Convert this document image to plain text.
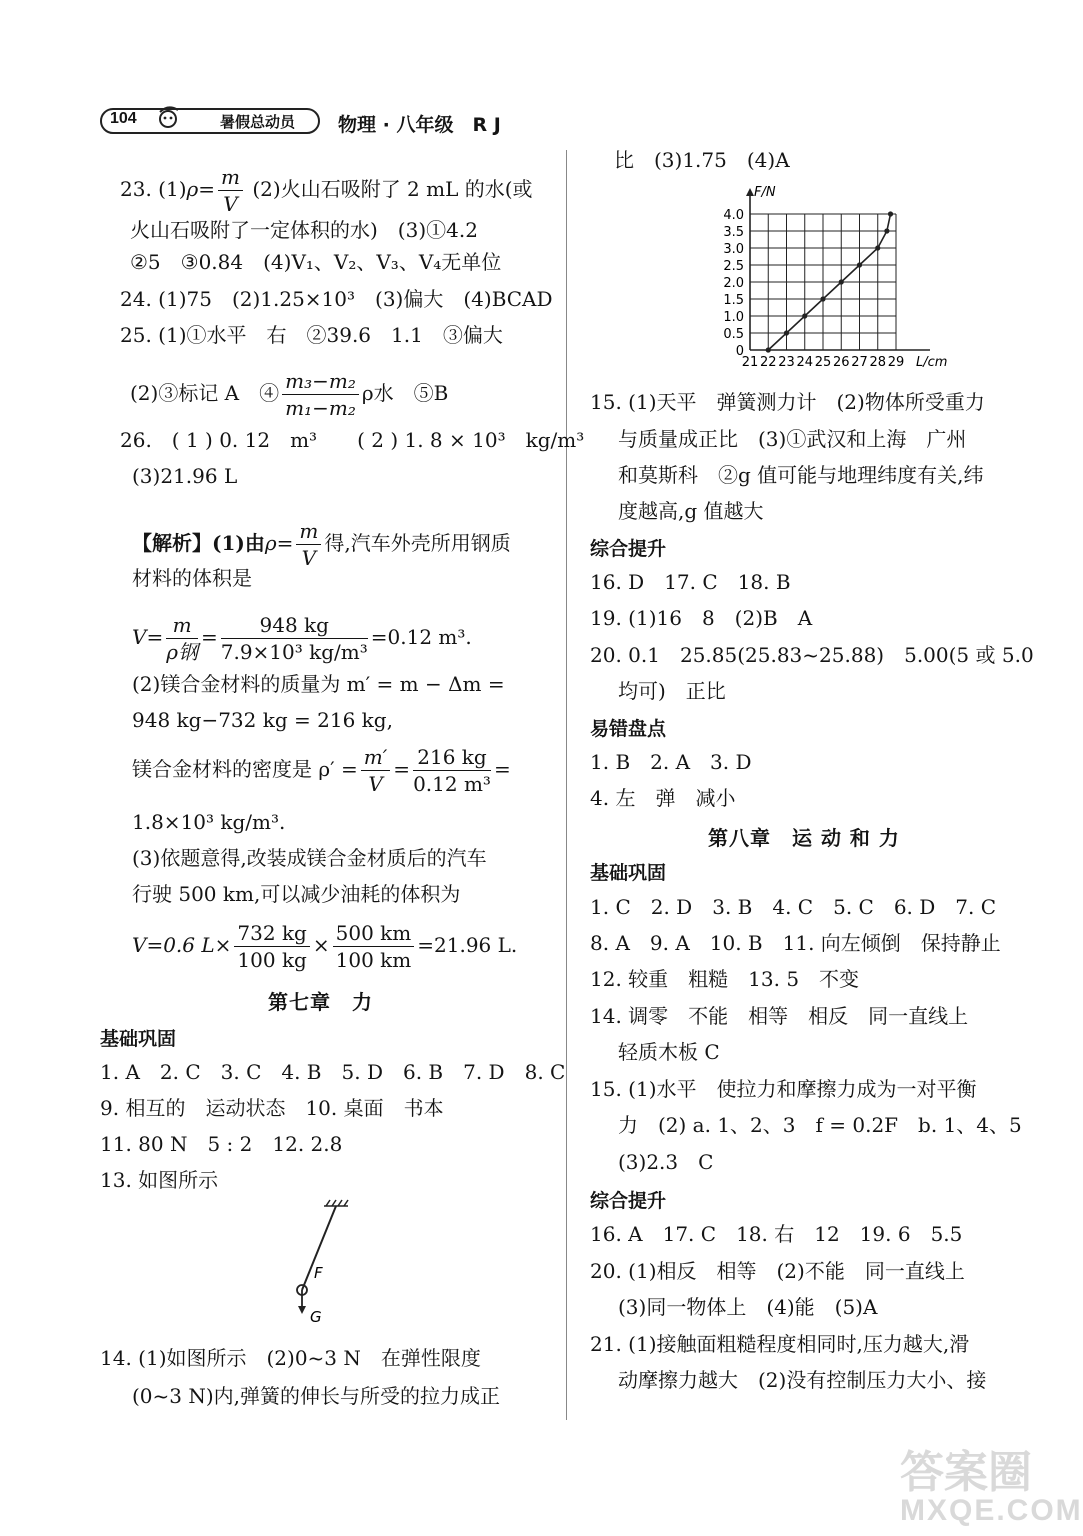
104	暑假总动员 物理 · 八年级　R J
23. $(1)\rho= \frac{m}{V} (2)$火山石吸附了 2 mL 的水(或
火山石吸附了一定体积的水)　(3)①4.2
②5　③0.84　(4)V₁、V₂、V₃、V₄无单位
24. (1)75　(2)1.25×10³　(3)偏大　(4)BCAD
25. (1)①水平　右　②39.6　1.1　③偏大
(2)③标记 A　④ $\frac{\text{m₃−m₂}}{\text{m₁−m₂}}$ ρ水　⑤B
26.　( 1 ) 0. 12　m³　　( 2 ) 1. 8 × 10³　kg/m³
(3)21.96 L
【解析】(1)由$\rho= \frac{m}{V}$ 得,汽车外壳所用钢质
材料的体积是
V= m
ρ钢
= $\frac{948 kg}{\text{7.9×10³ kg/m³}} =0.12$ m³.
(2)镁合金材料的质量为 m′ = m − Δm =
948 kg−732 kg = 216 kg,
镁合金材料的密度是 $\rho' = \frac{m'}{V} = \frac{216 kg}{\text{0.12 m³}}$ =
1.8×10³ kg/m³.
(3)依题意得,改装成镁合金材质后的汽车
行驶 500 km,可以减少油耗的体积为
V=0.6 $L\times \frac{732 kg}{100 kg} \times \frac{500 km}{100 km} =21.96$ L.
第七章　力
基础巩固
1. A　2. C　3. C　4. B　5. D　6. B　7. D　8. C
9. 相互的　运动状态　10. 桌面　书本
11. 80 N　5 : 2　12. 2.8
13. 如图所示
F
G
14. (1)如图所示　(2)0~3 N　在弹性限度
(0~3 N)内,弹簧的伸长与所受的拉力成正
比　(3)1.75　(4)A
21 22 23 24 25 26 27 28 29
0
0.5
1.0
1.5
2.0
2.5
3.0
3.5
4.0
F/N
L/cm
15. (1)天平　弹簧测力计　(2)物体所受重力
与质量成正比　(3)①武汉和上海　广州
和莫斯科　②g 值可能与地理纬度有关,纬
度越高,g 值越大
综合提升
16. D　17. C　18. B
19. (1)16　8　(2)B　A
20. 0.1　25.85(25.83~25.88)　5.00(5 或 5.0
均可)　正比
易错盘点
1. B　2. A　3. D
4. 左　弹　减小
第八章　运 动 和 力
基础巩固
1. C　2. D　3. B　4. C　5. C　6. D　7. C
8. A　9. A　10. B　11. 向左倾倒　保持静止
12. 较重　粗糙　13. 5　不变
14. 调零　不能　相等　相反　同一直线上
轻质木板 C
15. (1)水平　使拉力和摩擦力成为一对平衡
力　(2) a. 1、2、3　f = 0.2F　b. 1、4、5
(3)2.3　C
综合提升
16. A　17. C　18. 右　12　19. 6　5.5
20. (1)相反　相等　(2)不能　同一直线上
(3)同一物体上　(4)能　(5)A
21. (1)接触面粗糙程度相同时,压力越大,滑
动摩擦力越大　(2)没有控制压力大小、接
答案圈
MXQE.COM
